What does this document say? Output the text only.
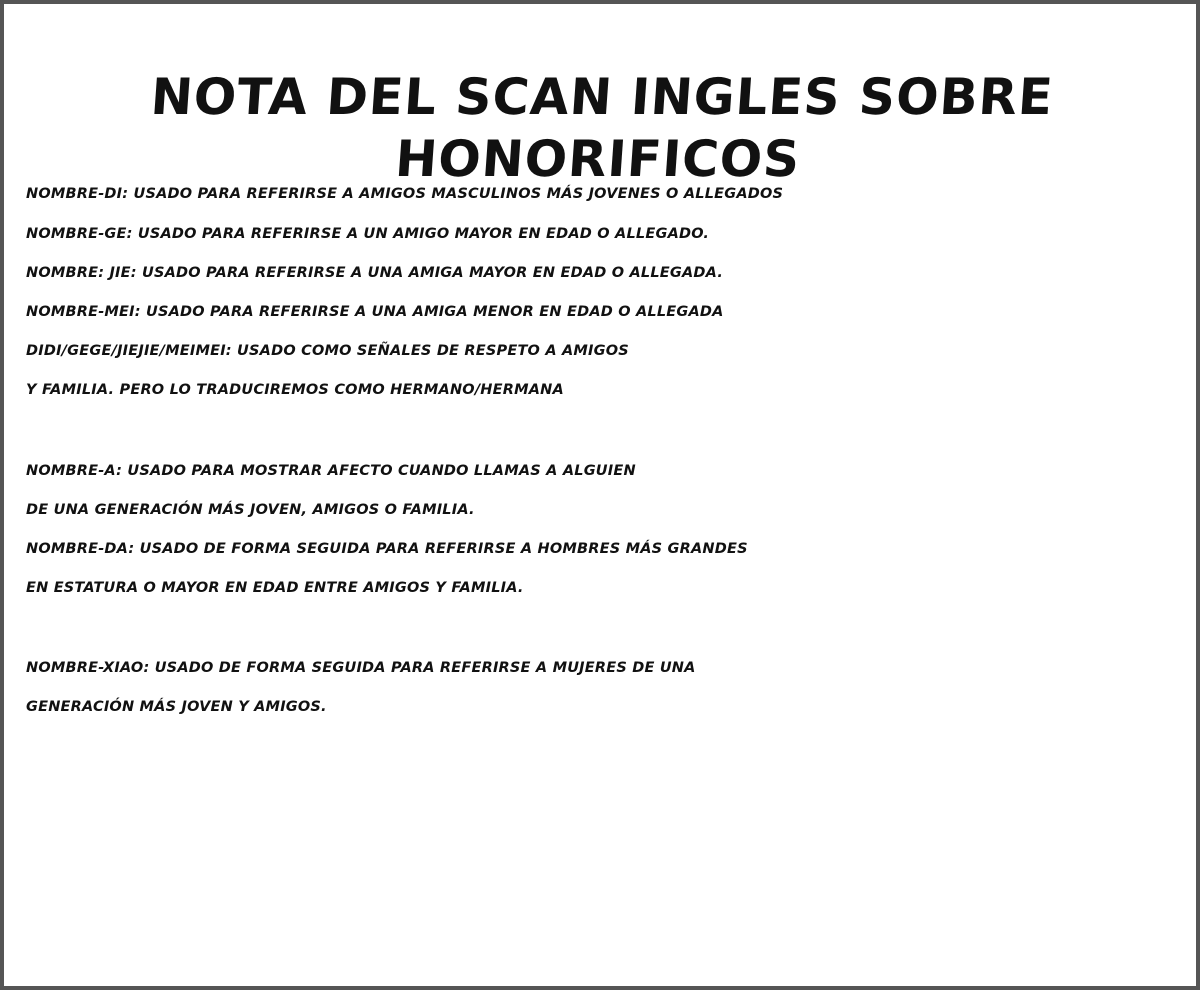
NOTA DEL SCAN INGLES SOBRE
HONORIFICOS

NOMBRE-DI: USADO PARA REFERIRSE A AMIGOS MASCULINOS MÁS JOVENES O ALLEGADOS

NOMBRE-GE: USADO PARA REFERIRSE A UN AMIGO MAYOR EN EDAD O ALLEGADO.

NOMBRE: JIE: USADO PARA REFERIRSE A UNA AMIGA MAYOR EN EDAD O ALLEGADA.

NOMBRE-MEI: USADO PARA REFERIRSE A UNA AMIGA MENOR EN EDAD O ALLEGADA

DIDI/GEGE/JIEJIE/MEIMEI: USADO COMO SEÑALES DE RESPETO A AMIGOS

Y FAMILIA. PERO LO TRADUCIREMOS COMO HERMANO/HERMANA

NOMBRE-A: USADO PARA MOSTRAR AFECTO CUANDO LLAMAS A ALGUIEN

DE UNA GENERACIÓN MÁS JOVEN, AMIGOS O FAMILIA.

NOMBRE-DA: USADO DE FORMA SEGUIDA PARA REFERIRSE A HOMBRES MÁS GRANDES

EN ESTATURA O MAYOR EN EDAD ENTRE AMIGOS Y FAMILIA.

NOMBRE-XIAO: USADO DE FORMA SEGUIDA PARA REFERIRSE A MUJERES DE UNA

GENERACIÓN MÁS JOVEN Y AMIGOS.
